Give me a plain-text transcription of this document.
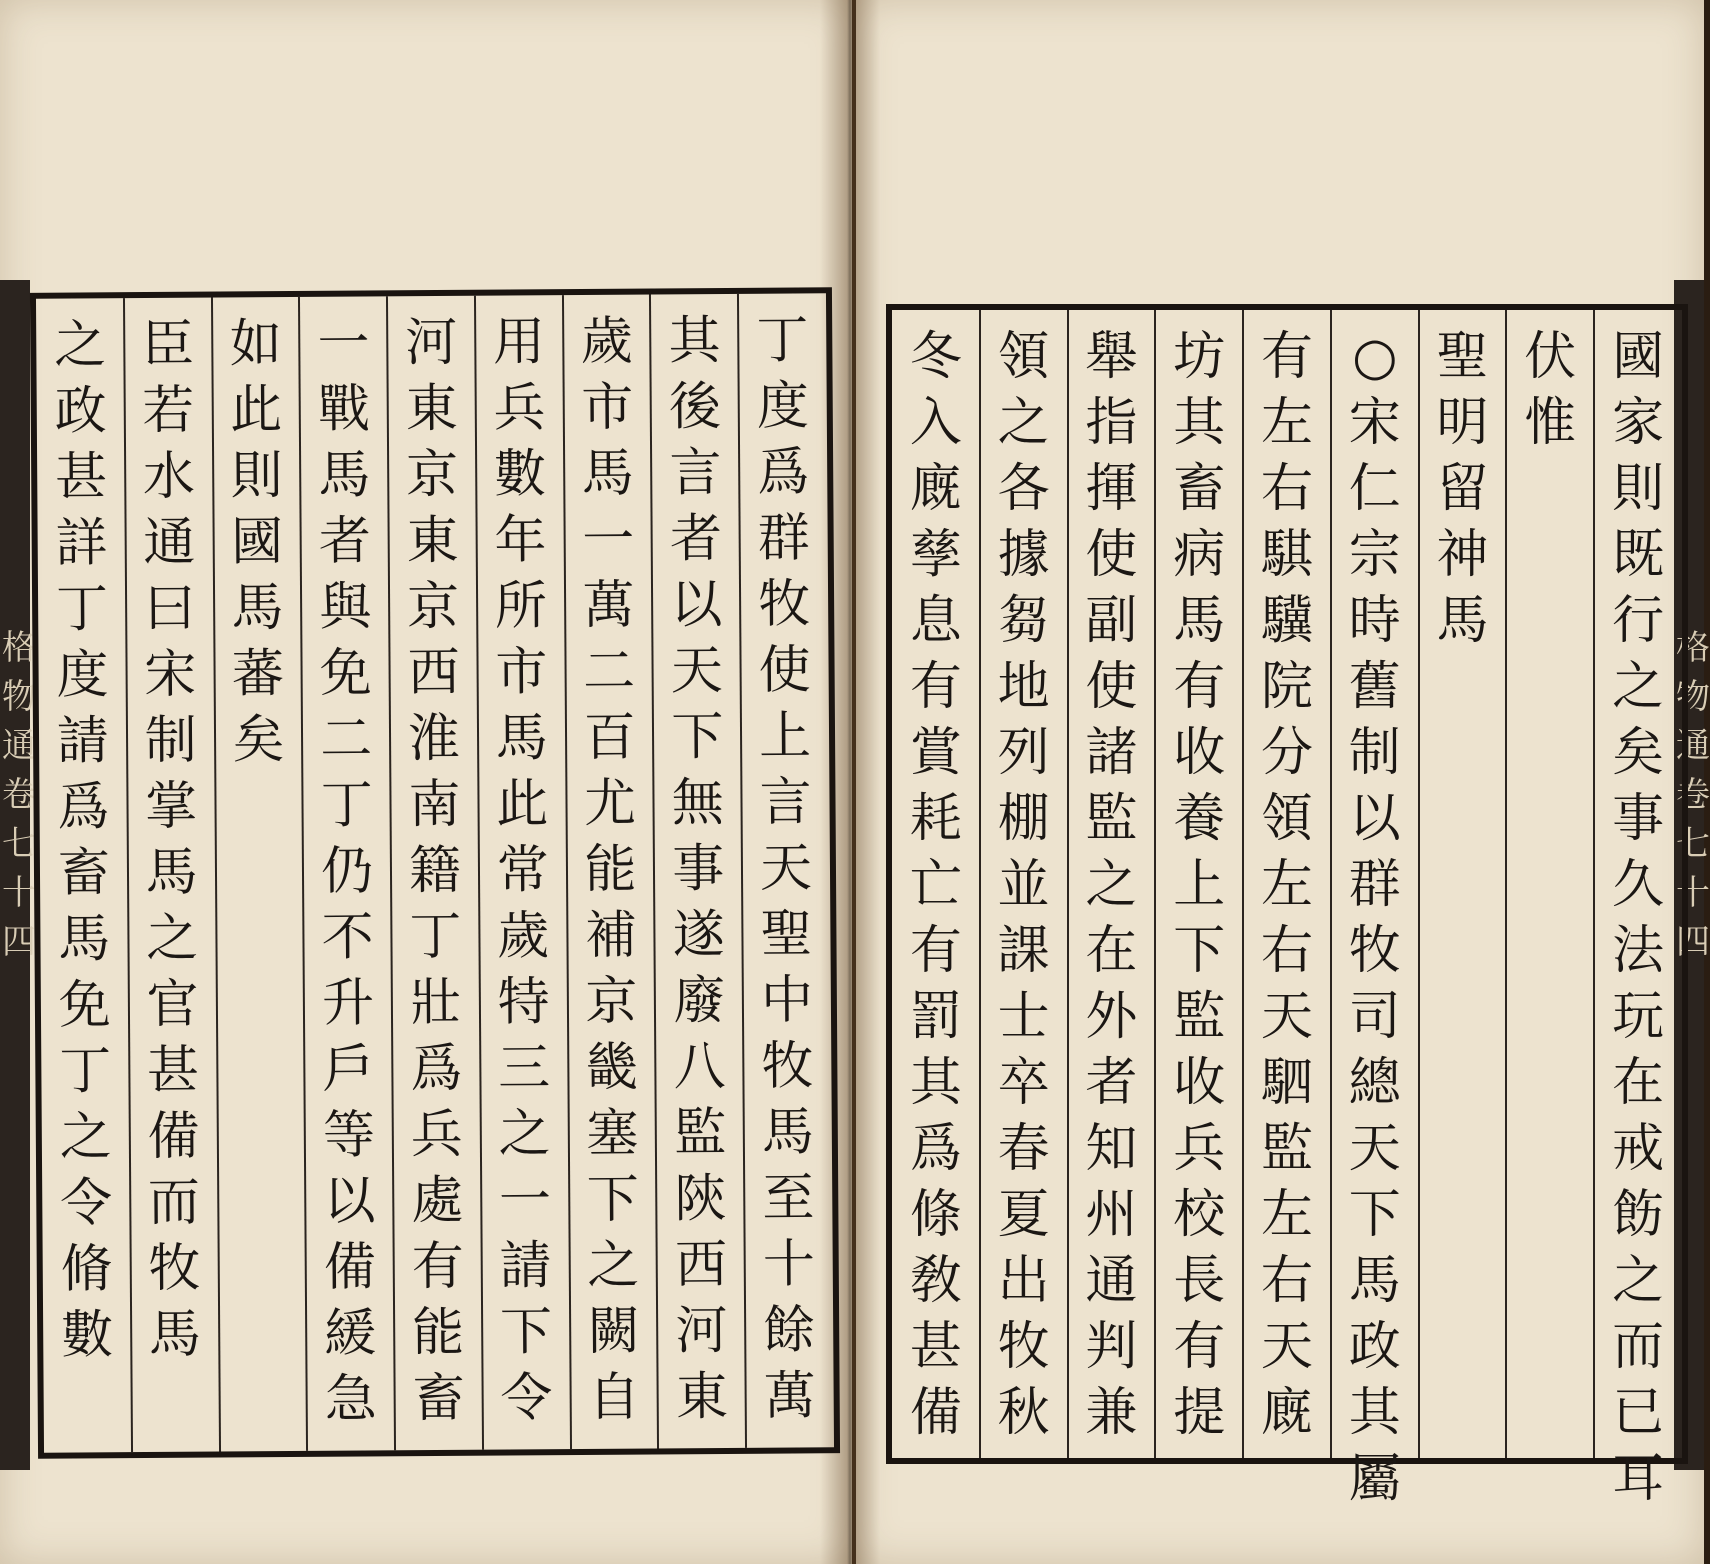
格
物
通
卷
七
十
四
格
物
通
卷
七
十
四
丁
度
爲
群
牧
使
上
言
天
聖
中
牧
馬
至
十
餘
萬
其
後
言
者
以
天
下
無
事
遂
廢
八
監
陝
西
河
東
歲
市
馬
一
萬
二
百
尤
能
補
京
畿
塞
下
之
闕
自
用
兵
數
年
所
市
馬
此
常
歲
特
三
之
一
請
下
令
河
東
京
東
京
西
淮
南
籍
丁
壯
爲
兵
處
有
能
畜
一
戰
馬
者
與
免
二
丁
仍
不
升
戶
等
以
備
緩
急
如
此
則
國
馬
蕃
矣
臣
若
水
通
曰
宋
制
掌
馬
之
官
甚
備
而
牧
馬
之
政
甚
詳
丁
度
請
爲
畜
馬
免
丁
之
令
脩
數
國
家
則
既
行
之
矣
事
久
法
玩
在
戒
飭
之
而
已
耳
伏
惟
聖
明
留
神
馬
○
宋
仁
宗
時
舊
制
以
群
牧
司
總
天
下
馬
政
其
屬
有
左
右
騏
驥
院
分
領
左
右
天
駟
監
左
右
天
廐
坊
其
畜
病
馬
有
收
養
上
下
監
收
兵
校
長
有
提
舉
指
揮
使
副
使
諸
監
之
在
外
者
知
州
通
判
兼
領
之
各
據
芻
地
列
棚
並
課
士
卒
春
夏
出
牧
秋
冬
入
廐
孳
息
有
賞
耗
亡
有
罰
其
爲
條
敎
甚
備
